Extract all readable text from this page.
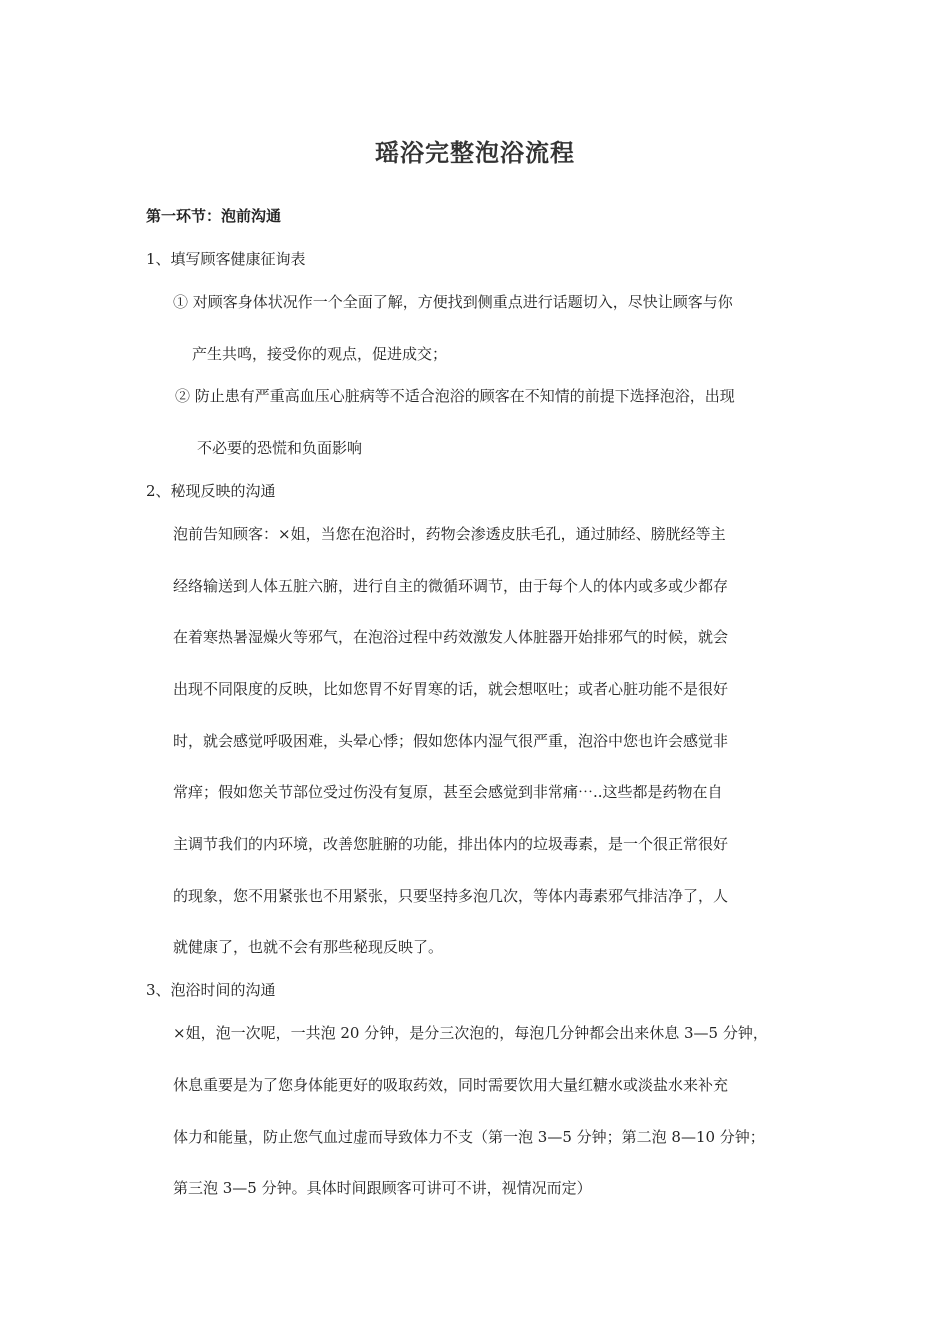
瑶浴完整泡浴流程
第一环节：泡前沟通
1、填写顾客健康征询表
① 对顾客身体状况作一个全面了解，方便找到侧重点进行话题切入，尽快让顾客与你
产生共鸣，接受你的观点，促进成交；
② 防止患有严重高血压心脏病等不适合泡浴的顾客在不知情的前提下选择泡浴，出现
不必要的恐慌和负面影响
2、秘现反映的沟通
泡前告知顾客：×姐，当您在泡浴时，药物会渗透皮肤毛孔，通过肺经、膀胱经等主
经络输送到人体五脏六腑，进行自主的微循环调节，由于每个人的体内或多或少都存
在着寒热暑湿燥火等邪气，在泡浴过程中药效激发人体脏器开始排邪气的时候，就会
出现不同限度的反映，比如您胃不好胃寒的话，就会想呕吐；或者心脏功能不是很好
时，就会感觉呼吸困难，头晕心悸；假如您体内湿气很严重，泡浴中您也许会感觉非
常痒；假如您关节部位受过伤没有复原，甚至会感觉到非常痛⋯..这些都是药物在自
主调节我们的内环境，改善您脏腑的功能，排出体内的垃圾毒素，是一个很正常很好
的现象，您不用紧张也不用紧张，只要坚持多泡几次，等体内毒素邪气排洁净了，人
就健康了，也就不会有那些秘现反映了。
3、泡浴时间的沟通
×姐，泡一次呢，一共泡 20 分钟，是分三次泡的，每泡几分钟都会出来休息 3—5 分钟，
休息重要是为了您身体能更好的吸取药效，同时需要饮用大量红糖水或淡盐水来补充
体力和能量，防止您气血过虚而导致体力不支（第一泡 3—5 分钟；第二泡 8—10 分钟；
第三泡 3—5 分钟。具体时间跟顾客可讲可不讲，视情况而定）
